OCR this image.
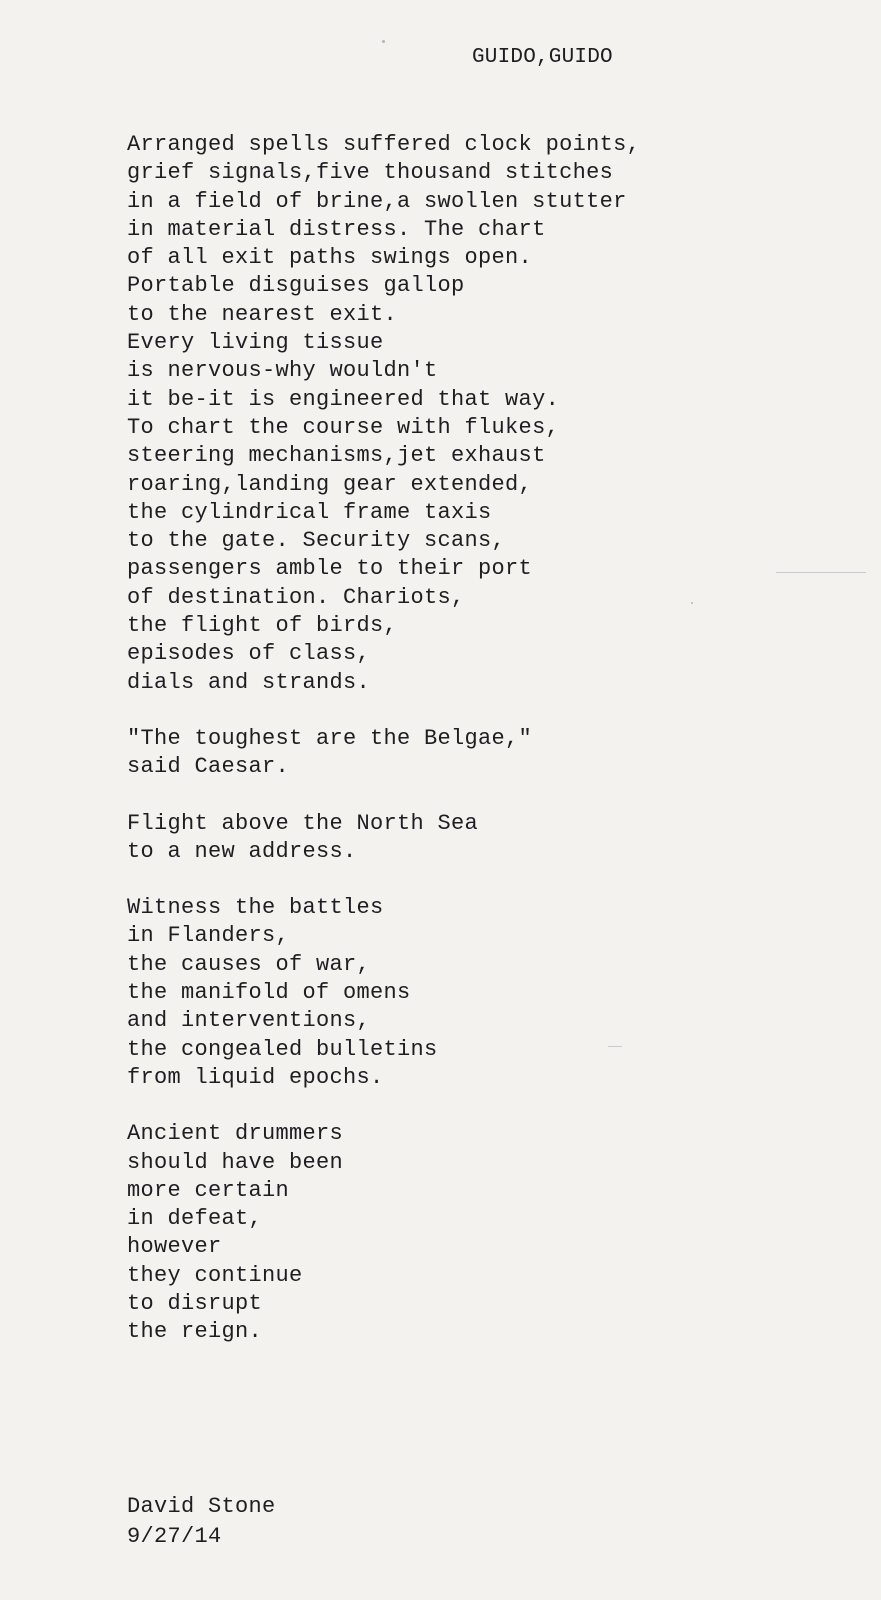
GUIDO,GUIDO
Arranged spells suffered clock points,
grief signals,five thousand stitches
in a field of brine,a swollen stutter
in material distress. The chart
of all exit paths swings open.
Portable disguises gallop
to the nearest exit.
Every living tissue
is nervous-why wouldn't
it be-it is engineered that way.
To chart the course with flukes,
steering mechanisms,jet exhaust
roaring,landing gear extended,
the cylindrical frame taxis
to the gate. Security scans,
passengers amble to their port
of destination. Chariots,
the flight of birds,
episodes of class,
dials and strands.
"The toughest are the Belgae,"
said Caesar.
Flight above the North Sea
to a new address.
Witness the battles
in Flanders,
the causes of war,
the manifold of omens
and interventions,
the congealed bulletins
from liquid epochs.
Ancient drummers
should have been
more certain
in defeat,
however
they continue
to disrupt
the reign.
David Stone
9/27/14
